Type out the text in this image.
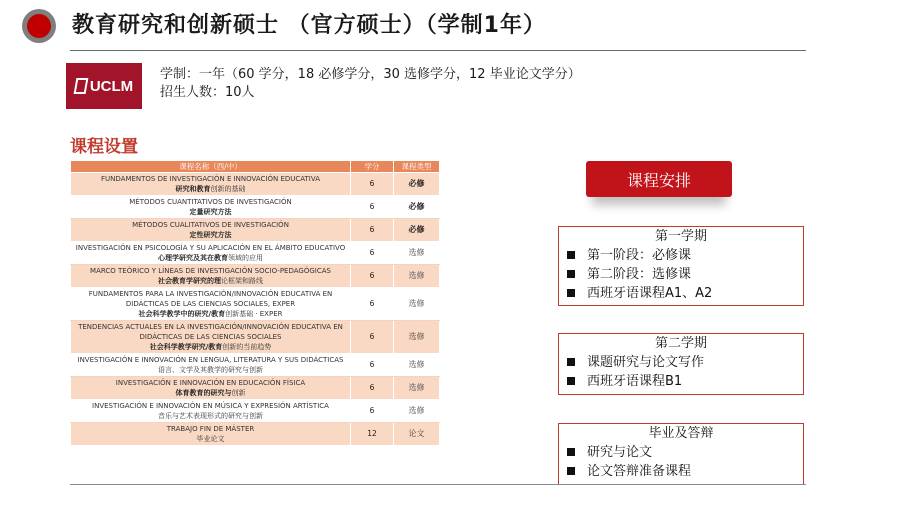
教育研究和创新硕士 （官方硕士）（学制1年）
UCLM
学制：一年（60 学分，18 必修学分，30 选修学分，12 毕业论文学分）
招生人数：10人
课程设置
课程名称（西/中）	学分	课程类型

FUNDAMENTOS DE INVESTIGACIÓN E INNOVACIÓN EDUCATIVA
研究和教育创新的基础	6	必修

MÉTODOS CUANTITATIVOS DE INVESTIGACIÓN
定量研究方法	6	必修

MÉTODOS CUALITATIVOS DE INVESTIGACIÓN
定性研究方法	6	必修

INVESTIGACIÓN EN PSICOLOGÍA Y SU APLICACIÓN EN EL ÁMBITO EDUCATIVO
心理学研究及其在教育领域的应用	6	选修

MARCO TEÓRICO Y LÍNEAS DE INVESTIGACIÓN SOCIO-PEDAGÓGICAS
社会教育学研究的理论框架和路线	6	选修

FUNDAMENTOS PARA LA INVESTIGACIÓN/INNOVACIÓN EDUCATIVA EN DIDÁCTICAS DE LAS CIENCIAS SOCIALES, EXPER
社会科学教学中的研究/教育创新基础 · EXPER	6	选修

TENDENCIAS ACTUALES EN LA INVESTIGACIÓN/INNOVACIÓN EDUCATIVA EN DIDÁCTICAS DE LAS CIENCIAS SOCIALES
社会科学教学研究/教育创新的当前趋势	6	选修

INVESTIGACIÓN E INNOVACIÓN EN LENGUA, LITERATURA Y SUS DIDÁCTICAS
语言、文学及其教学的研究与创新	6	选修

INVESTIGACIÓN E INNOVACIÓN EN EDUCACIÓN FÍSICA
体育教育的研究与创新	6	选修

INVESTIGACIÓN E INNOVACIÓN EN MÚSICA Y EXPRESIÓN ARTÍSTICA
音乐与艺术表现形式的研究与创新	6	选修

TRABAJO FIN DE MÁSTER
毕业论文	12	论文
课程安排
第一学期
第一阶段：必修课
第二阶段：选修课
西班牙语课程A1、A2
第二学期
课题研究与论文写作
西班牙语课程B1
毕业及答辩
研究与论文
论文答辩准备课程
